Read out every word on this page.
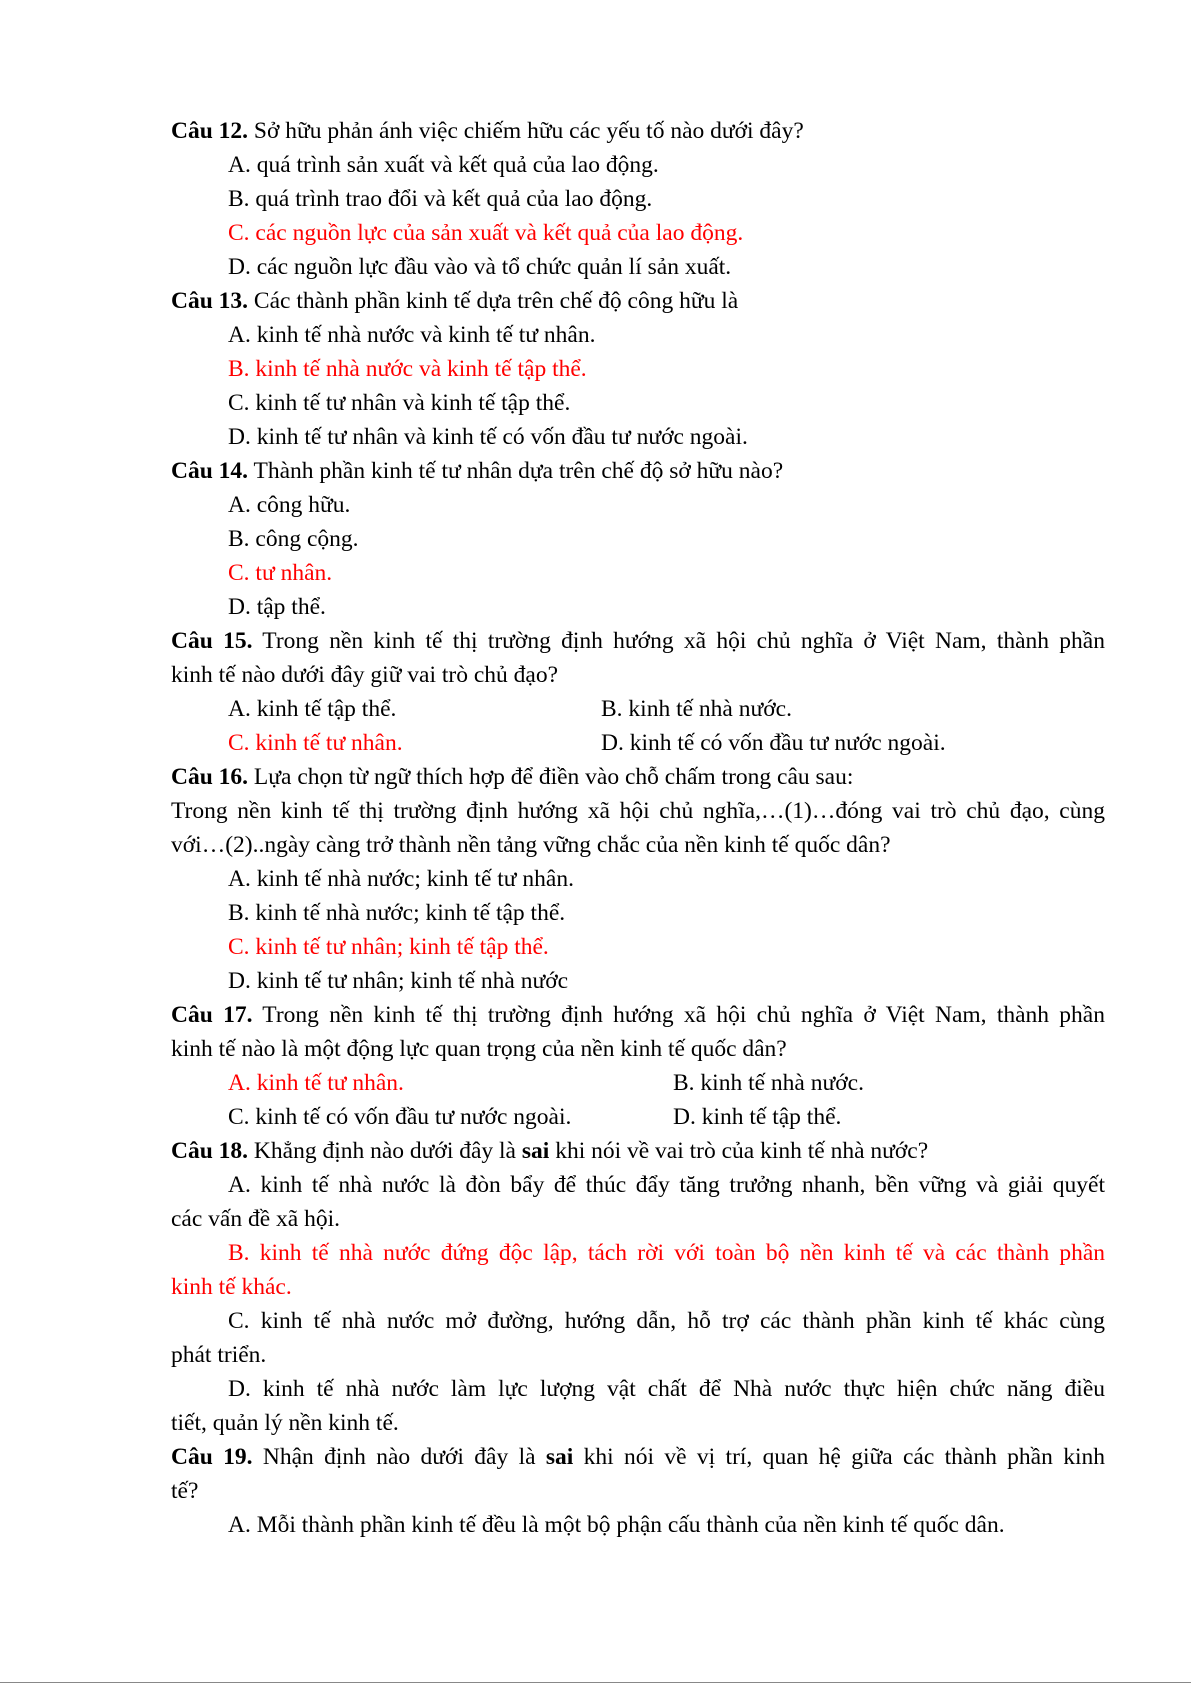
Câu 12. Sở hữu phản ánh việc chiếm hữu các yếu tố nào dưới đây?
A. quá trình sản xuất và kết quả của lao động.
B. quá trình trao đổi và kết quả của lao động.
C. các nguồn lực của sản xuất và kết quả của lao động.
D. các nguồn lực đầu vào và tổ chức quản lí sản xuất.
Câu 13. Các thành phần kinh tế dựa trên chế độ công hữu là
A. kinh tế nhà nước và kinh tế tư nhân.
B. kinh tế nhà nước và kinh tế tập thể.
C. kinh tế tư nhân và kinh tế tập thể.
D. kinh tế tư nhân và kinh tế có vốn đầu tư nước ngoài.
Câu 14. Thành phần kinh tế tư nhân dựa trên chế độ sở hữu nào?
A. công hữu.
B. công cộng.
C. tư nhân.
D. tập thể.
Câu 15. Trong nền kinh tế thị trường định hướng xã hội chủ nghĩa ở Việt Nam, thành phần
kinh tế nào dưới đây giữ vai trò chủ đạo?
A. kinh tế tập thể.	B. kinh tế nhà nước.
C. kinh tế tư nhân.	D. kinh tế có vốn đầu tư nước ngoài.
Câu 16. Lựa chọn từ ngữ thích hợp để điền vào chỗ chấm trong câu sau:
Trong nền kinh tế thị trường định hướng xã hội chủ nghĩa,…(1)…đóng vai trò chủ đạo, cùng
với…(2)..ngày càng trở thành nền tảng vững chắc của nền kinh tế quốc dân?
A. kinh tế nhà nước; kinh tế tư nhân.
B. kinh tế nhà nước; kinh tế tập thể.
C. kinh tế tư nhân; kinh tế tập thể.
D. kinh tế tư nhân; kinh tế nhà nước
Câu 17. Trong nền kinh tế thị trường định hướng xã hội chủ nghĩa ở Việt Nam, thành phần
kinh tế nào là một động lực quan trọng của nền kinh tế quốc dân?
A. kinh tế tư nhân.	B. kinh tế nhà nước.
C. kinh tế có vốn đầu tư nước ngoài.	D. kinh tế tập thể.
Câu 18. Khẳng định nào dưới đây là sai khi nói về vai trò của kinh tế nhà nước?
A. kinh tế nhà nước là đòn bẩy để thúc đẩy tăng trưởng nhanh, bền vững và giải quyết
các vấn đề xã hội.
B. kinh tế nhà nước đứng độc lập, tách rời với toàn bộ nền kinh tế và các thành phần
kinh tế khác.
C. kinh tế nhà nước mở đường, hướng dẫn, hỗ trợ các thành phần kinh tế khác cùng
phát triển.
D. kinh tế nhà nước làm lực lượng vật chất để Nhà nước thực hiện chức năng điều
tiết, quản lý nền kinh tế.
Câu 19. Nhận định nào dưới đây là sai khi nói về vị trí, quan hệ giữa các thành phần kinh
tế?
A. Mỗi thành phần kinh tế đều là một bộ phận cấu thành của nền kinh tế quốc dân.
